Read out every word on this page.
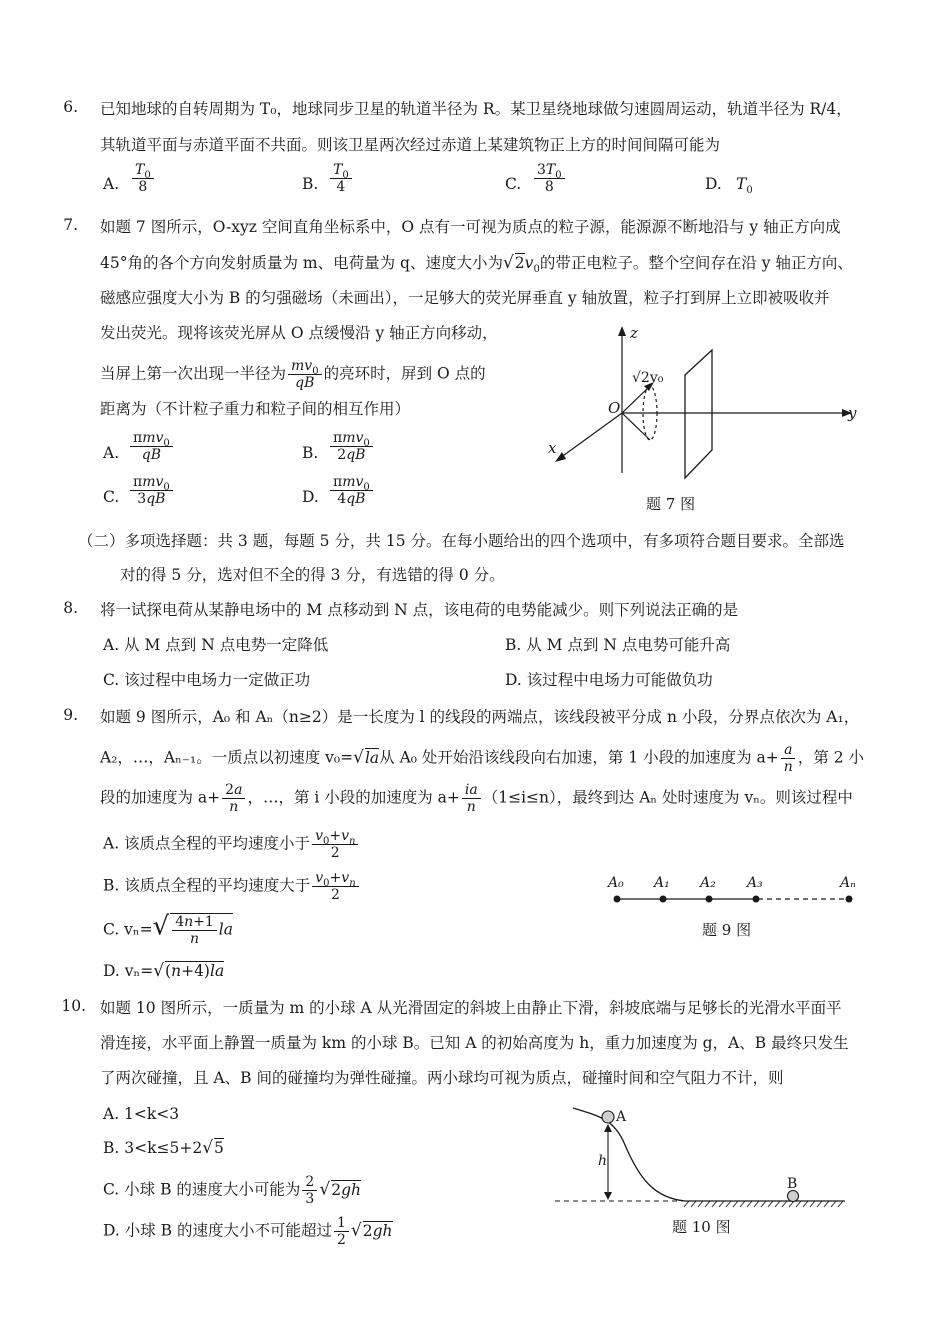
6. 已知地球的自转周期为 T₀，地球同步卫星的轨道半径为 R。某卫星绕地球做匀速圆周运动，轨道半径为 R/4，
其轨道平面与赤道平面不共面。则该卫星两次经过赤道上某建筑物正上方的时间间隔可能为
A. $\frac{T_0}{8}$	B. $\frac{T_0}{4}$	C. $\frac{3T_0}{8}$	D. $T_0$
7. 如题 7 图所示，O-xyz 空间直角坐标系中，O 点有一可视为质点的粒子源，能源源不断地沿与 y 轴正方向成
45°角的各个方向发射质量为 m、电荷量为 q、速度大小为$√2v_0$的带正电粒子。整个空间存在沿 y 轴正方向、
磁感应强度大小为 B 的匀强磁场（未画出），一足够大的荧光屏垂直 y 轴放置，粒子打到屏上立即被吸收并
发出荧光。现将该荧光屏从 O 点缓慢沿 y 轴正方向移动，
当屏上第一次出现一半径为 $\frac{mv_0}{qB}$ 的亮环时，屏到 O 点的
距离为（不计粒子重力和粒子间的相互作用）
A. $\frac{\pi mv_0}{qB}$	B. $\frac{\pi mv_0}{2qB}$
C. $\frac{\pi mv_0}{3qB}$	D. $\frac{\pi mv_0}{4qB}$
z
y
x
O
√2v₀
题 7 图
（二）多项选择题：共 3 题，每题 5 分，共 15 分。在每小题给出的四个选项中，有多项符合题目要求。全部选
对的得 5 分，选对但不全的得 3 分，有选错的得 0 分。
8. 将一试探电荷从某静电场中的 M 点移动到 N 点，该电荷的电势能减少。则下列说法正确的是
A. 从 M 点到 N 点电势一定降低	B. 从 M 点到 N 点电势可能升高
C. 该过程中电场力一定做正功	D. 该过程中电场力可能做负功
9. 如题 9 图所示，A₀ 和 Aₙ（n≥2）是一长度为 l 的线段的两端点，该线段被平分成 n 小段，分界点依次为 A₁，
A₂，…，Aₙ₋₁。一质点以初速度 v₀=√la从 A₀ 处开始沿该线段向右加速，第 1 小段的加速度为 $a+ \frac{a}{n}$ ，第 2 小
段的加速度为 $a+ \frac{2a}{n}$ ，…，第 i 小段的加速度为 $a+ \frac{ia}{n} (1\le i\le n)$，最终到达 Aₙ 处时速度为 vₙ。则该过程中
A. 该质点全程的平均速度小于 $\frac{v_0+v_n}{2}$
B. 该质点全程的平均速度大于 $\frac{v_0+v_n}{2}$
C. $v_n=√ \frac{4n+1}{n}$ la
D. vₙ=√(n+4)la
A₀ A₁ A₂ A₃	Aₙ
题 9 图
10. 如题 10 图所示，一质量为 m 的小球 A 从光滑固定的斜坡上由静止下滑，斜坡底端与足够长的光滑水平面平
滑连接，水平面上静置一质量为 km 的小球 B。已知 A 的初始高度为 h，重力加速度为 g，A、B 最终只发生
了两次碰撞，且 A、B 间的碰撞均为弹性碰撞。两小球均可视为质点，碰撞时间和空气阻力不计，则
A. 1<k<3
B. 3<k≤5+2√5
C. 小球 B 的速度大小可能为 $\frac{2}{3} √2gh$
D. 小球 B 的速度大小不可能超过 $\frac{1}{2} √2gh$
A
h
B
题 10 图
